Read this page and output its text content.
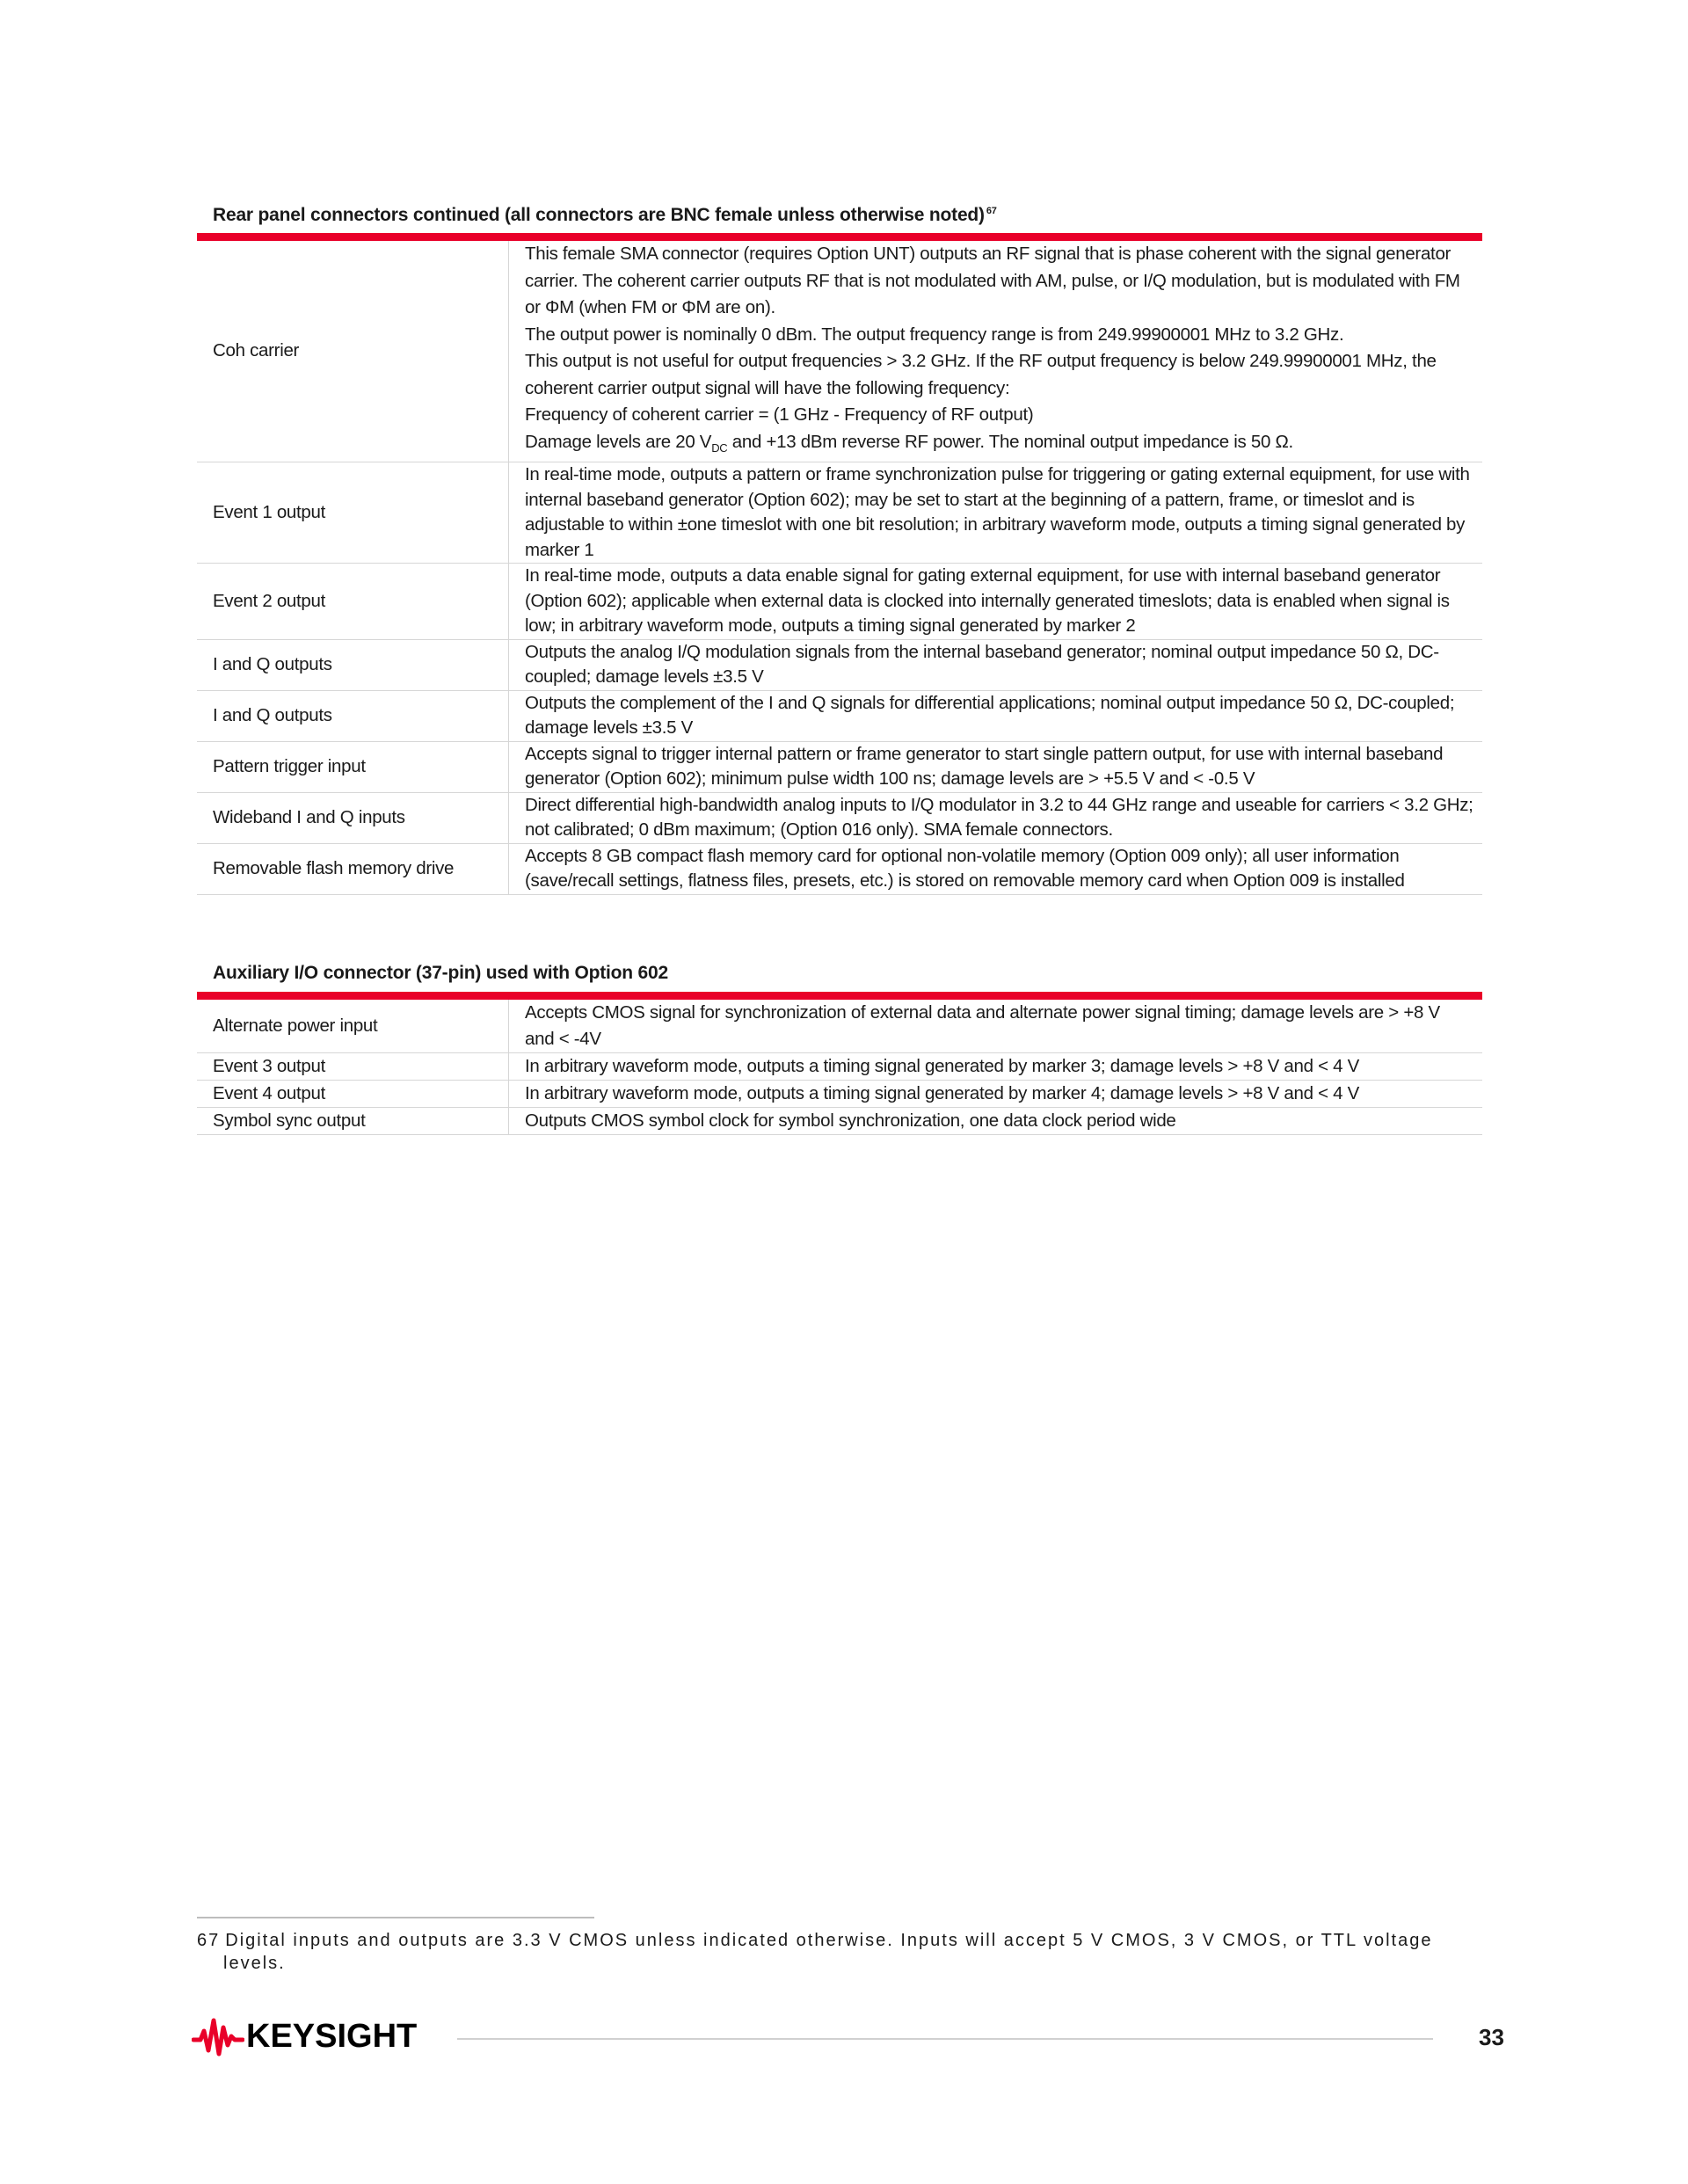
Rear panel connectors continued (all connectors are BNC female unless otherwise noted) $^{67}$
Coh carrier	This female SMA connector (requires Option UNT) outputs an RF signal that is phase coherent with the signal generator carrier. The coherent carrier outputs RF that is not modulated with AM, pulse, or I/Q modulation, but is modulated with FM or ΦM (when FM or ΦM are on).

The output power is nominally 0 dBm. The output frequency range is from 249.99900001 MHz to 3.2 GHz.

This output is not useful for output frequencies > 3.2 GHz. If the RF output frequency is below 249.99900001 MHz, the coherent carrier output signal will have the following frequency:

Frequency of coherent carrier = (1 GHz - Frequency of RF output)

Damage levels are 20 $V_{DC}$ and +13 dBm reverse RF power. The nominal output impedance is 50 Ω.

Event 1 output	In real-time mode, outputs a pattern or frame synchronization pulse for triggering or gating external equipment, for use with internal baseband generator (Option 602); may be set to start at the beginning of a pattern, frame, or timeslot and is adjustable to within ±one timeslot with one bit resolution; in arbitrary waveform mode, outputs a timing signal generated by marker 1
Event 2 output	In real-time mode, outputs a data enable signal for gating external equipment, for use with internal baseband generator (Option 602); applicable when external data is clocked into internally generated timeslots; data is enabled when signal is low; in arbitrary waveform mode, outputs a timing signal generated by marker 2
I and Q outputs	Outputs the analog I/Q modulation signals from the internal baseband generator; nominal output impedance 50 Ω, DC-coupled; damage levels ±3.5 V
I and Q outputs	Outputs the complement of the I and Q signals for differential applications; nominal output impedance 50 Ω, DC-coupled; damage levels ±3.5 V
Pattern trigger input	Accepts signal to trigger internal pattern or frame generator to start single pattern output, for use with internal baseband generator (Option 602); minimum pulse width 100 ns; damage levels are > +5.5 V and < -0.5 V
Wideband I and Q inputs	Direct differential high-bandwidth analog inputs to I/Q modulator in 3.2 to 44 GHz range and useable for carriers < 3.2 GHz; not calibrated; 0 dBm maximum; (Option 016 only). SMA female connectors.
Removable flash memory drive	Accepts 8 GB compact flash memory card for optional non-volatile memory (Option 009 only); all user information (save/recall settings, flatness files, presets, etc.) is stored on removable memory card when Option 009 is installed
Auxiliary I/O connector (37-pin) used with Option 602
Alternate power input	Accepts CMOS signal for synchronization of external data and alternate power signal timing; damage levels are > +8 V and < -4V
Event 3 output	In arbitrary waveform mode, outputs a timing signal generated by marker 3; damage levels > +8 V and < 4 V
Event 4 output	In arbitrary waveform mode, outputs a timing signal generated by marker 4; damage levels > +8 V and < 4 V
Symbol sync output	Outputs CMOS symbol clock for symbol synchronization, one data clock period wide
67 Digital inputs and outputs are 3.3 V CMOS unless indicated otherwise. Inputs will accept 5 V CMOS, 3 V CMOS, or TTL voltage
levels.
KEYSIGHT	33
